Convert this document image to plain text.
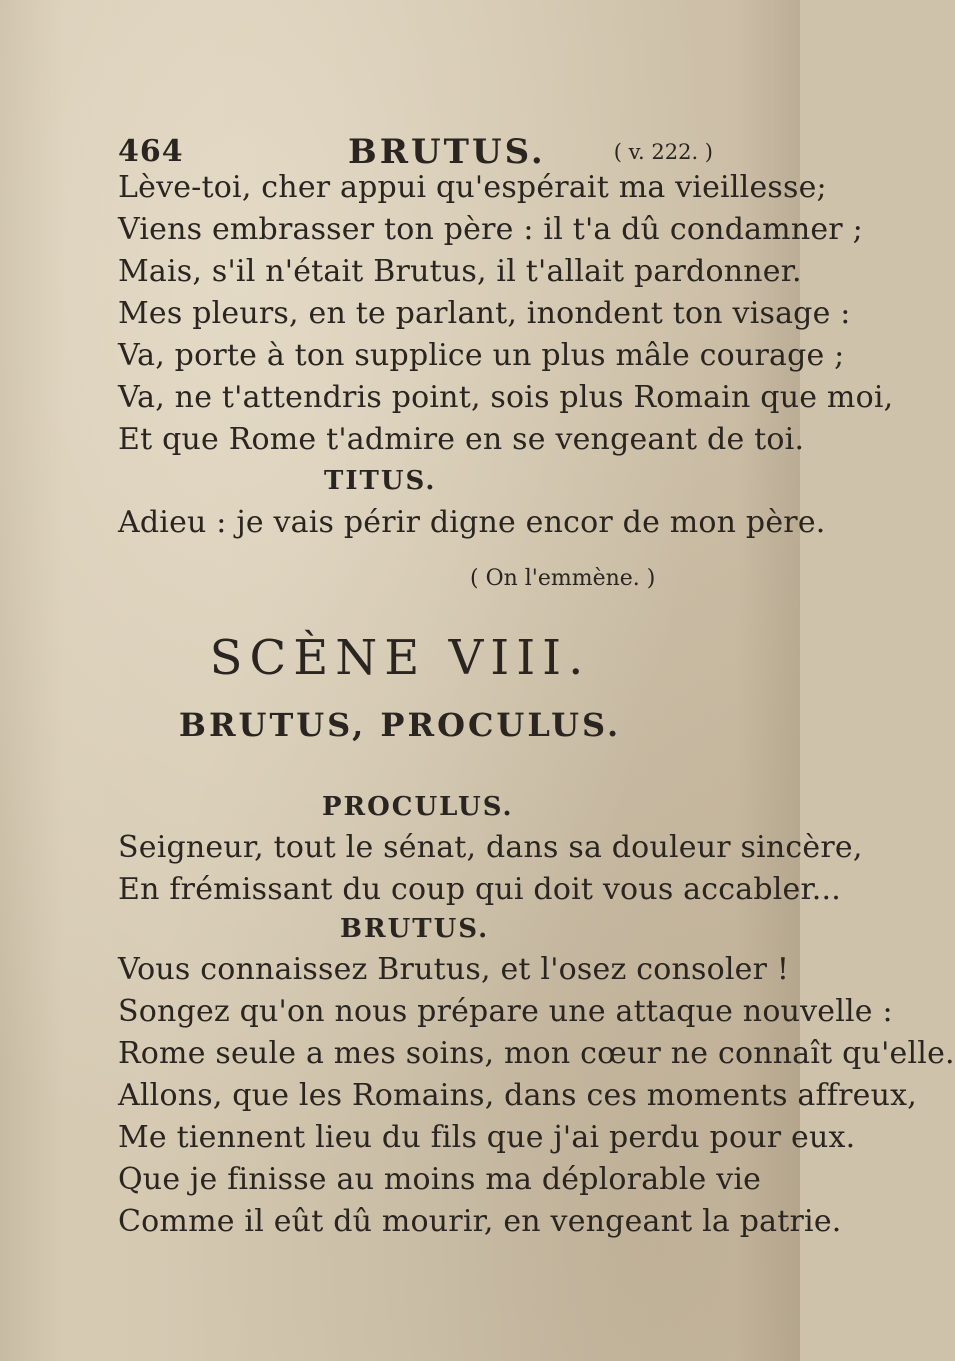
464	BRUTUS.	( v. 222. )
Lève-toi, cher appui qu'espérait ma vieillesse;
Viens embrasser ton père : il t'a dû condamner ;
Mais, s'il n'était Brutus, il t'allait pardonner.
Mes pleurs, en te parlant, inondent ton visage :
Va, porte à ton supplice un plus mâle courage ;
Va, ne t'attendris point, sois plus Romain que moi,
Et que Rome t'admire en se vengeant de toi.
TITUS.
Adieu : je vais périr digne encor de mon père.
( On l'emmène. )
SCÈNE VIII.
BRUTUS, PROCULUS.
PROCULUS.
Seigneur, tout le sénat, dans sa douleur sincère,
En frémissant du coup qui doit vous accabler...
BRUTUS.
Vous connaissez Brutus, et l'osez consoler !
Songez qu'on nous prépare une attaque nouvelle :
Rome seule a mes soins, mon cœur ne connaît qu'elle.
Allons, que les Romains, dans ces moments affreux,
Me tiennent lieu du fils que j'ai perdu pour eux.
Que je finisse au moins ma déplorable vie
Comme il eût dû mourir, en vengeant la patrie.
